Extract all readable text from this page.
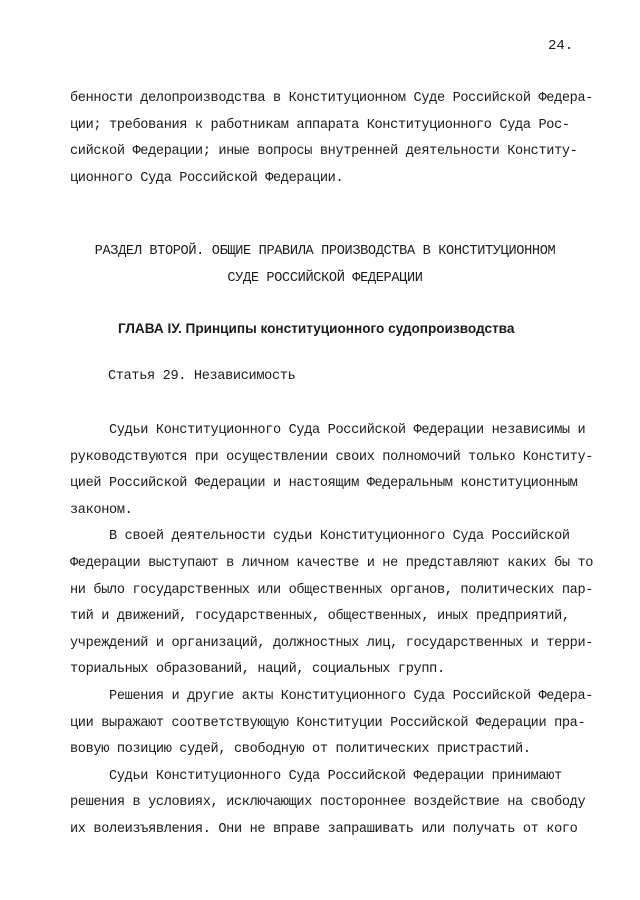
24.
бенности делопроизводства в Конституционном Суде Российской Федера-
ции; требования к работникам аппарата Конституционного Суда Рос-
сийской Федерации; иные вопросы внутренней деятельности Конститу-
ционного Суда Российской Федерации.
РАЗДЕЛ ВТОРОЙ. ОБЩИЕ ПРАВИЛА ПРОИЗВОДСТВА В КОНСТИТУЦИОННОМ
СУДЕ РОССИЙСКОЙ ФЕДЕРАЦИИ
ГЛАВА IУ. Принципы конституционного судопроизводства
Статья 29. Независимость
Судьи Конституционного Суда Российской Федерации независимы и
руководствуются при осуществлении своих полномочий только Конститу-
цией Российской Федерации и настоящим Федеральным конституционным
законом.
В своей деятельности судьи Конституционного Суда Российской
Федерации выступают в личном качестве и не представляют каких бы то
ни было государственных или общественных органов, политических пар-
тий и движений, государственных, общественных, иных предприятий,
учреждений и организаций, должностных лиц, государственных и терри-
ториальных образований, наций, социальных групп.
Решения и другие акты Конституционного Суда Российской Федера-
ции выражают соответствующую Конституции Российской Федерации пра-
вовую позицию судей, свободную от политических пристрастий.
Судьи Конституционного Суда Российской Федерации принимают
решения в условиях, исключающих постороннее воздействие на свободу
их волеизъявления. Они не вправе запрашивать или получать от кого
